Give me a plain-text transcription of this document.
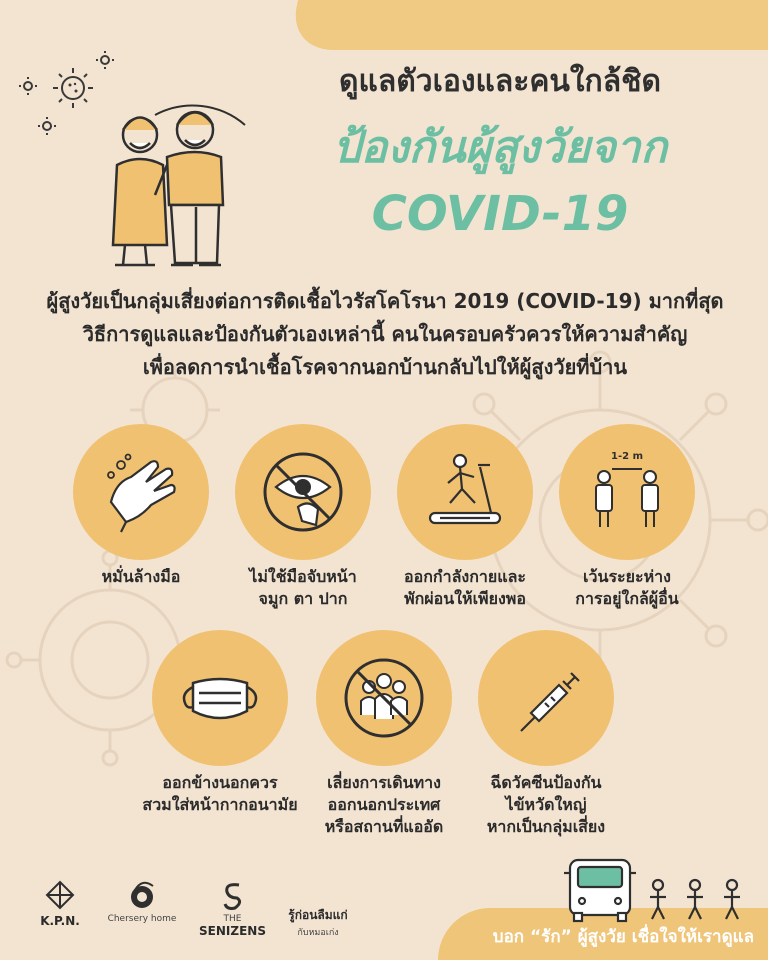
ดูแลตัวเองและคนใกล้ชิด
ป้องกันผู้สูงวัยจาก
COVID-19
ผู้สูงวัยเป็นกลุ่มเสี่ยงต่อการติดเชื้อไวรัสโคโรนา 2019 (COVID-19) มากที่สุด
วิธีการดูแลและป้องกันตัวเองเหล่านี้ คนในครอบครัวควรให้ความสำคัญ
เพื่อลดการนำเชื้อโรคจากนอกบ้านกลับไปให้ผู้สูงวัยที่บ้าน
หมั่นล้างมือ	ไม่ใช้มือจับหน้า
จมูก ตา ปาก
ออกกำลังกายและ
พักผ่อนให้เพียงพอ
1-2 m
เว้นระยะห่าง
การอยู่ใกล้ผู้อื่น
ออกข้างนอกควร
สวมใส่หน้ากากอนามัย
เลี่ยงการเดินทาง
ออกนอกประเทศ
หรือสถานที่แออัด
ฉีดวัคซีนป้องกัน
ไข้หวัดใหญ่
หากเป็นกลุ่มเสี่ยง
K.P.N.	Chersery home	THE
SENIZENS
รู้ก่อนลืมแก่
กับหมอเก่ง	บอก “รัก” ผู้สูงวัย เชื่อใจให้เราดูแล
